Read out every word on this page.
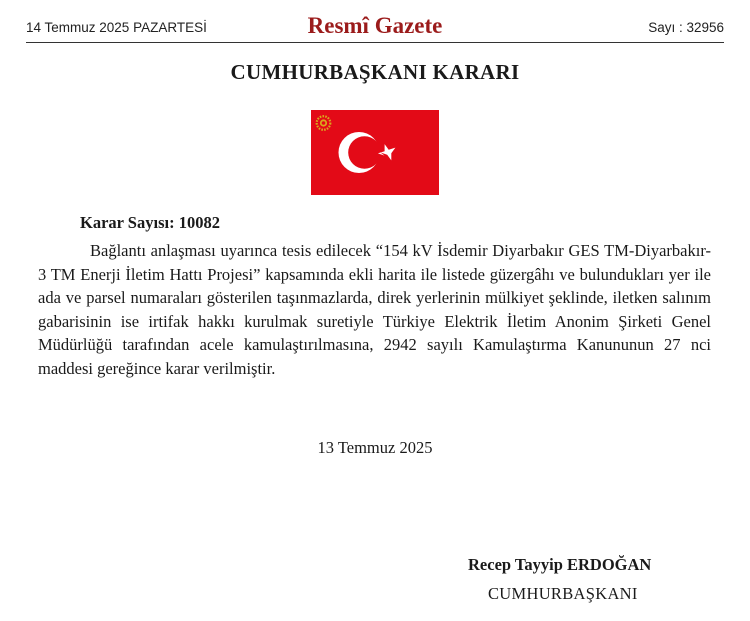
14 Temmuz 2025 PAZARTESİ	Resmî Gazete	Sayı : 32956
CUMHURBAŞKANI KARARI
Karar Sayısı: 10082

Bağlantı anlaşması uyarınca tesis edilecek “154 kV İsdemir Diyarbakır GES TM-Diyarbakır-3 TM Enerji İletim Hattı Projesi” kapsamında ekli harita ile listede güzergâhı ve bulundukları yer ile ada ve parsel numaraları gösterilen taşınmazlarda, direk yerlerinin mülkiyet şeklinde, iletken salınım gabarisinin ise irtifak hakkı kurulmak suretiyle Türkiye Elektrik İletim Anonim Şirketi Genel Müdürlüğü tarafından acele kamulaştırılmasına, 2942 sayılı Kamulaştırma Kanununun 27 nci maddesi gereğince karar verilmiştir.

13 Temmuz 2025
Recep Tayyip ERDOĞAN
CUMHURBAŞKANI
